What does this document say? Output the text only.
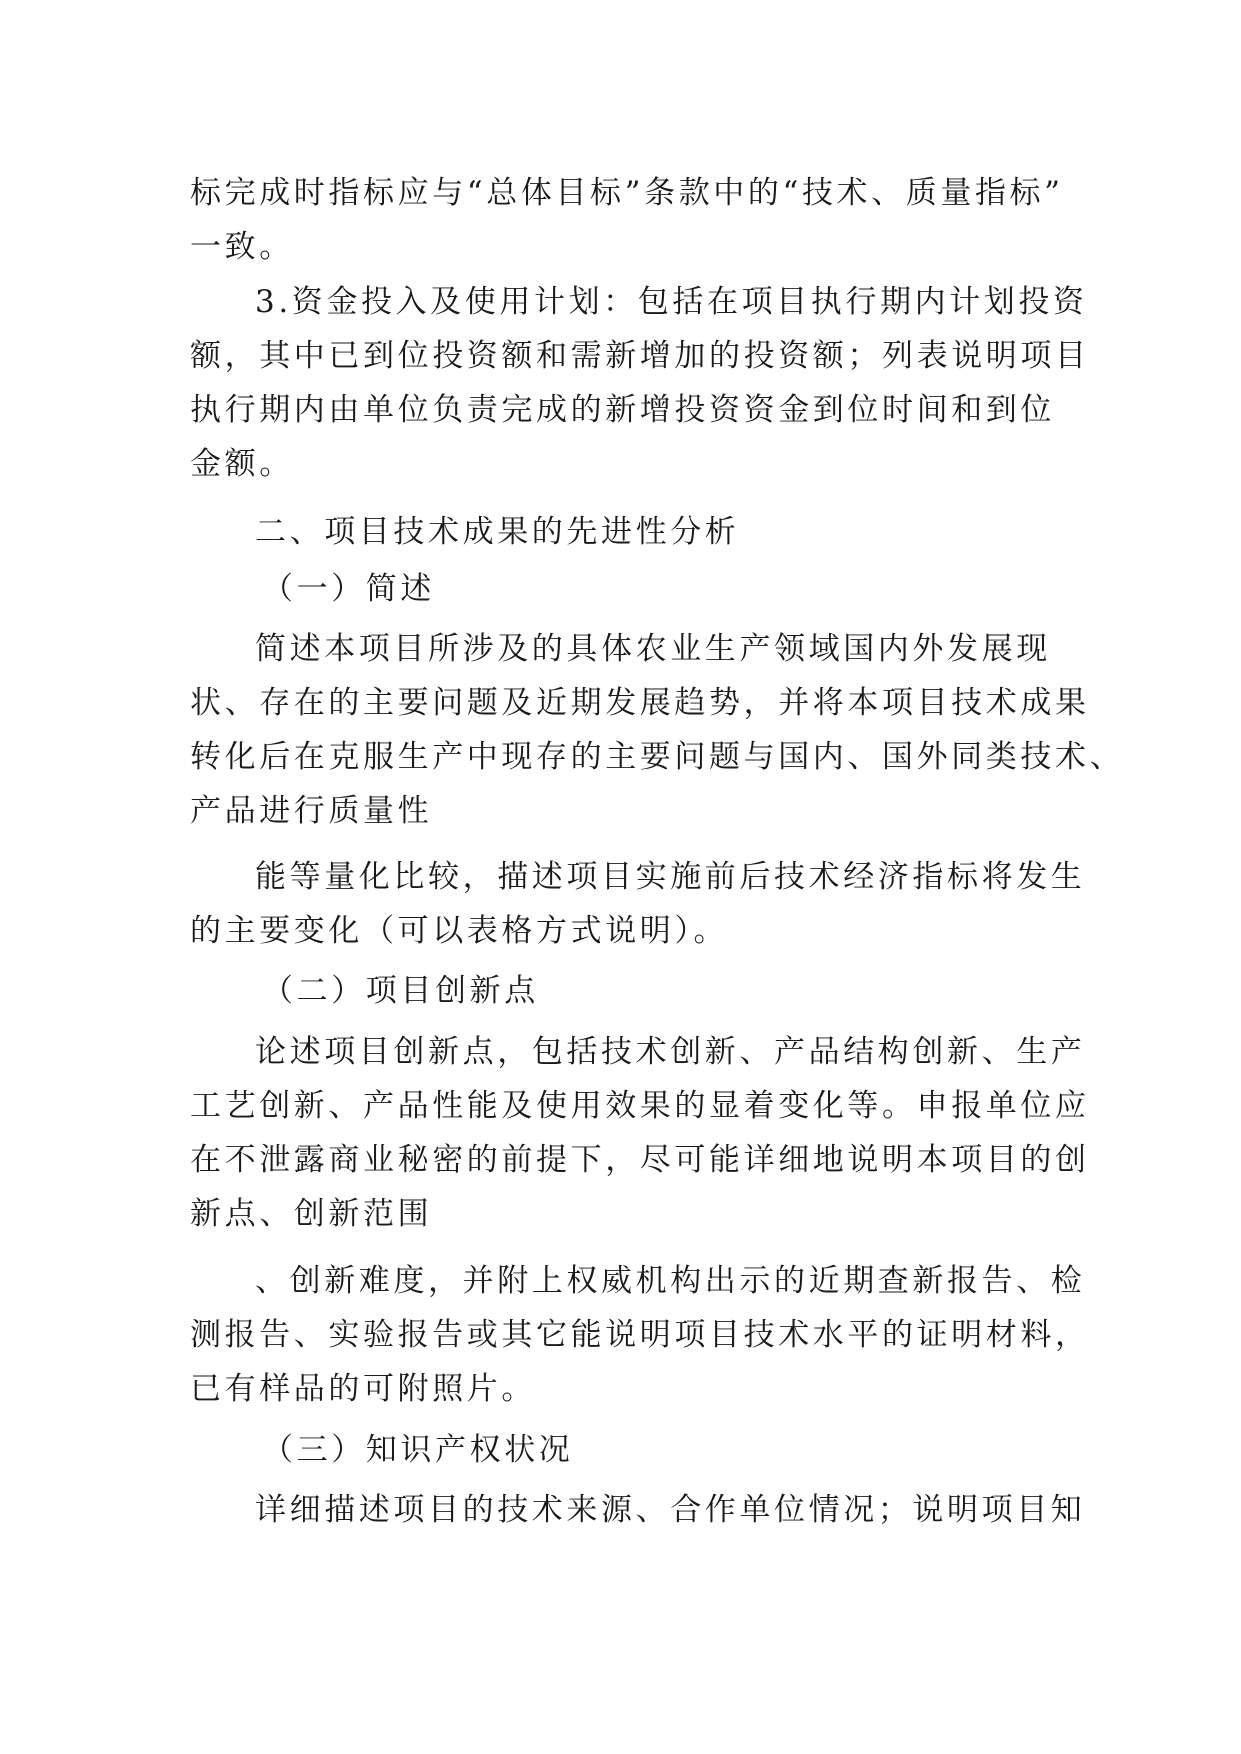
标完成时指标应与“总体目标”条款中的“技术、质量指标”
一致。
3.资金投入及使用计划：包括在项目执行期内计划投资
额，其中已到位投资额和需新增加的投资额；列表说明项目
执行期内由单位负责完成的新增投资资金到位时间和到位
金额。
二、项目技术成果的先进性分析
（一）简述
简述本项目所涉及的具体农业生产领域国内外发展现
状、存在的主要问题及近期发展趋势，并将本项目技术成果
转化后在克服生产中现存的主要问题与国内、国外同类技术、
产品进行质量性
能等量化比较，描述项目实施前后技术经济指标将发生
的主要变化（可以表格方式说明）。
（二）项目创新点
论述项目创新点，包括技术创新、产品结构创新、生产
工艺创新、产品性能及使用效果的显着变化等。申报单位应
在不泄露商业秘密的前提下，尽可能详细地说明本项目的创
新点、创新范围
、创新难度，并附上权威机构出示的近期查新报告、检
测报告、实验报告或其它能说明项目技术水平的证明材料，
已有样品的可附照片。
（三）知识产权状况
详细描述项目的技术来源、合作单位情况；说明项目知
